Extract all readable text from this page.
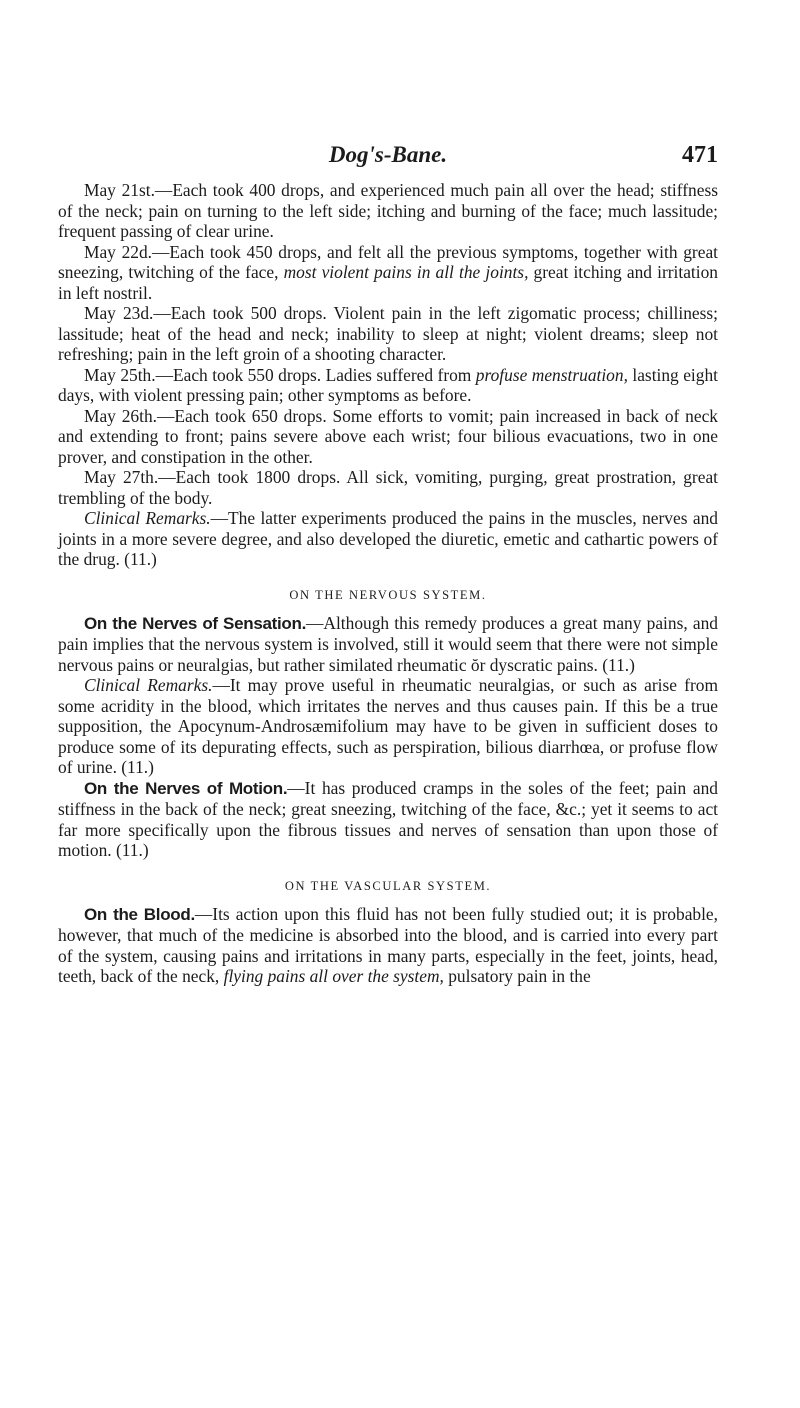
Dog's-Bane.	471

May 21st.—Each took 400 drops, and experienced much pain all over the head; stiffness of the neck; pain on turning to the left side; itching and burning of the face; much lassitude; frequent passing of clear urine.

May 22d.—Each took 450 drops, and felt all the previous symptoms, together with great sneezing, twitching of the face, most violent pains in all the joints, great itching and irritation in left nostril.

May 23d.—Each took 500 drops. Violent pain in the left zigomatic process; chilliness; lassitude; heat of the head and neck; inability to sleep at night; violent dreams; sleep not refreshing; pain in the left groin of a shooting character.

May 25th.—Each took 550 drops. Ladies suffered from profuse menstruation, lasting eight days, with violent pressing pain; other symptoms as before.

May 26th.—Each took 650 drops. Some efforts to vomit; pain increased in back of neck and extending to front; pains severe above each wrist; four bilious evacuations, two in one prover, and constipation in the other.

May 27th.—Each took 1800 drops. All sick, vomiting, purging, great prostration, great trembling of the body.

Clinical Remarks.—The latter experiments produced the pains in the muscles, nerves and joints in a more severe degree, and also developed the diuretic, emetic and cathartic powers of the drug. (11.)

ON THE NERVOUS SYSTEM.

On the Nerves of Sensation.—Although this remedy produces a great many pains, and pain implies that the nervous system is involved, still it would seem that there were not simple nervous pains or neuralgias, but rather similated rheumatic ŏr dyscratic pains. (11.)

Clinical Remarks.—It may prove useful in rheumatic neuralgias, or such as arise from some acridity in the blood, which irritates the nerves and thus causes pain. If this be a true supposition, the Apocynum-Androsæmifolium may have to be given in sufficient doses to produce some of its depurating effects, such as perspiration, bilious diarrhœa, or profuse flow of urine. (11.)

On the Nerves of Motion.—It has produced cramps in the soles of the feet; pain and stiffness in the back of the neck; great sneezing, twitching of the face, &c.; yet it seems to act far more specifically upon the fibrous tissues and nerves of sensation than upon those of motion. (11.)

ON THE VASCULAR SYSTEM.

On the Blood.—Its action upon this fluid has not been fully studied out; it is probable, however, that much of the medicine is absorbed into the blood, and is carried into every part of the system, causing pains and irritations in many parts, especially in the feet, joints, head, teeth, back of the neck, flying pains all over the system, pulsatory pain in the
